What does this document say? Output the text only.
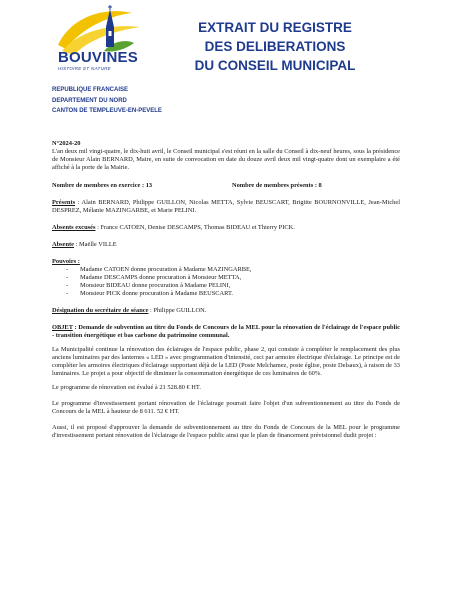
BOUVINES
HISTOIRE ET NATURE
EXTRAIT DU REGISTRE
DES DELIBERATIONS
DU CONSEIL MUNICIPAL
REPUBLIQUE FRANCAISE
DEPARTEMENT DU NORD
CANTON DE TEMPLEUVE-EN-PEVELE

N°2024-20

L'an deux mil vingt-quatre, le dix-huit avril, le Conseil municipal s'est réuni en la salle du Conseil à dix-neuf heures, sous la présidence de Monsieur Alain BERNARD, Maire, en suite de convocation en date du douze avril deux mil vingt-quatre dont un exemplaire a été affiché à la porte de la Mairie.

Nombre de membres en exercice : 13	Nombre de membres présents : 8

Présents : Alain BERNARD, Philippe GUILLON, Nicolas METTA, Sylvie BEUSCART, Brigitte BOURNONVILLE, Jean-Michel DESPREZ, Mélanie MAZINGARBE, et Marie PELINI.

Absents excusés : France CATOEN, Denise DESCAMPS, Thomas BIDEAU et Thierry PICK.

Absente : Maëlle VILLE

Pouvoirs :

- Madame CATOEN donne procuration à Madame MAZINGARBE,
- Madame DESCAMPS donne procuration à Monsieur METTA,
- Monsieur BIDEAU donne procuration à Madame PELINI,
- Monsieur PICK donne procuration à Madame BEUSCART.

Désignation du secrétaire de séance : Philippe GUILLON.

OBJET : Demande de subvention au titre du Fonds de Concours de la MEL pour la rénovation de l'éclairage de l'espace public - transition énergétique et bas carbone du patrimoine communal.

La Municipalité continue la rénovation des éclairages de l'espace public, phase 2, qui consiste à compléter le remplacement des plus anciens luminaires par des lanternes « LED » avec programmation d'intensité, ceci par armoire électrique d'éclairage. Le principe est de compléter les armoires électriques d'éclairage supportant déjà de la LED (Poste Melchamez, poste église, poste Delsaux), à raison de 33 luminaires. Le projet a pour objectif de diminuer la consommation énergétique de ces luminaires de 60%.

Le programme de rénovation est évalué à 21 528.80 € HT.

Le programme d'investissement portant rénovation de l'éclairage pourrait faire l'objet d'un subventionnement au titre du Fonds de Concours de la MEL à hauteur de 8 611. 52 € HT.

Aussi, il est proposé d'approuver la demande de subventionnement au titre du Fonds de Concours de la MEL pour le programme d'investissement portant rénovation de l'éclairage de l'espace public ainsi que le plan de financement prévisionnel dudit projet :
